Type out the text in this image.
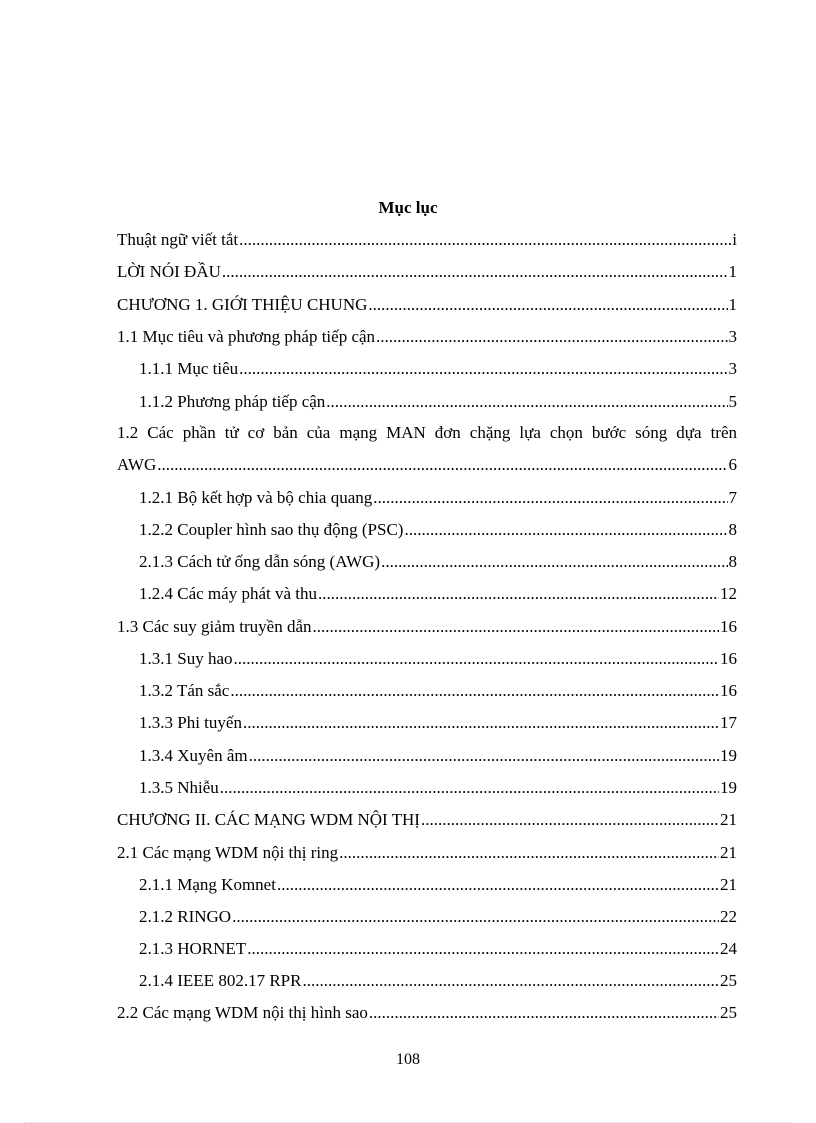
Mục lục
Thuật ngữ viết tắt .....	i
LỜI NÓI ĐẦU .....	1
CHƯƠNG 1. GIỚI THIỆU CHUNG .....	1
1.1 Mục tiêu và phương pháp tiếp cận .....	3
1.1.1 Mục tiêu .....	3
1.1.2 Phương pháp tiếp cận .....	5
1.2 Các phần tử cơ bản của mạng MAN đơn chặng lựa chọn bước sóng dựa trên
AWG .....	6
1.2.1 Bộ kết hợp và bộ chia quang .....	7
1.2.2 Coupler hình sao thụ động (PSC) .....	8
2.1.3 Cách tử ống dẫn sóng (AWG) .....	8
1.2.4 Các máy phát và thu .....	12
1.3 Các suy giảm truyền dẫn .....	16
1.3.1 Suy hao .....	16
1.3.2 Tán sắc .....	16
1.3.3 Phi tuyến .....	17
1.3.4 Xuyên âm .....	19
1.3.5 Nhiễu .....	19
CHƯƠNG II. CÁC MẠNG WDM NỘI THỊ .....	21
2.1 Các mạng WDM nội thị ring .....	21
2.1.1 Mạng Komnet .....	21
2.1.2 RINGO .....	22
2.1.3 HORNET .....	24
2.1.4 IEEE 802.17 RPR .....	25
2.2 Các mạng WDM nội thị hình sao .....	25
108
